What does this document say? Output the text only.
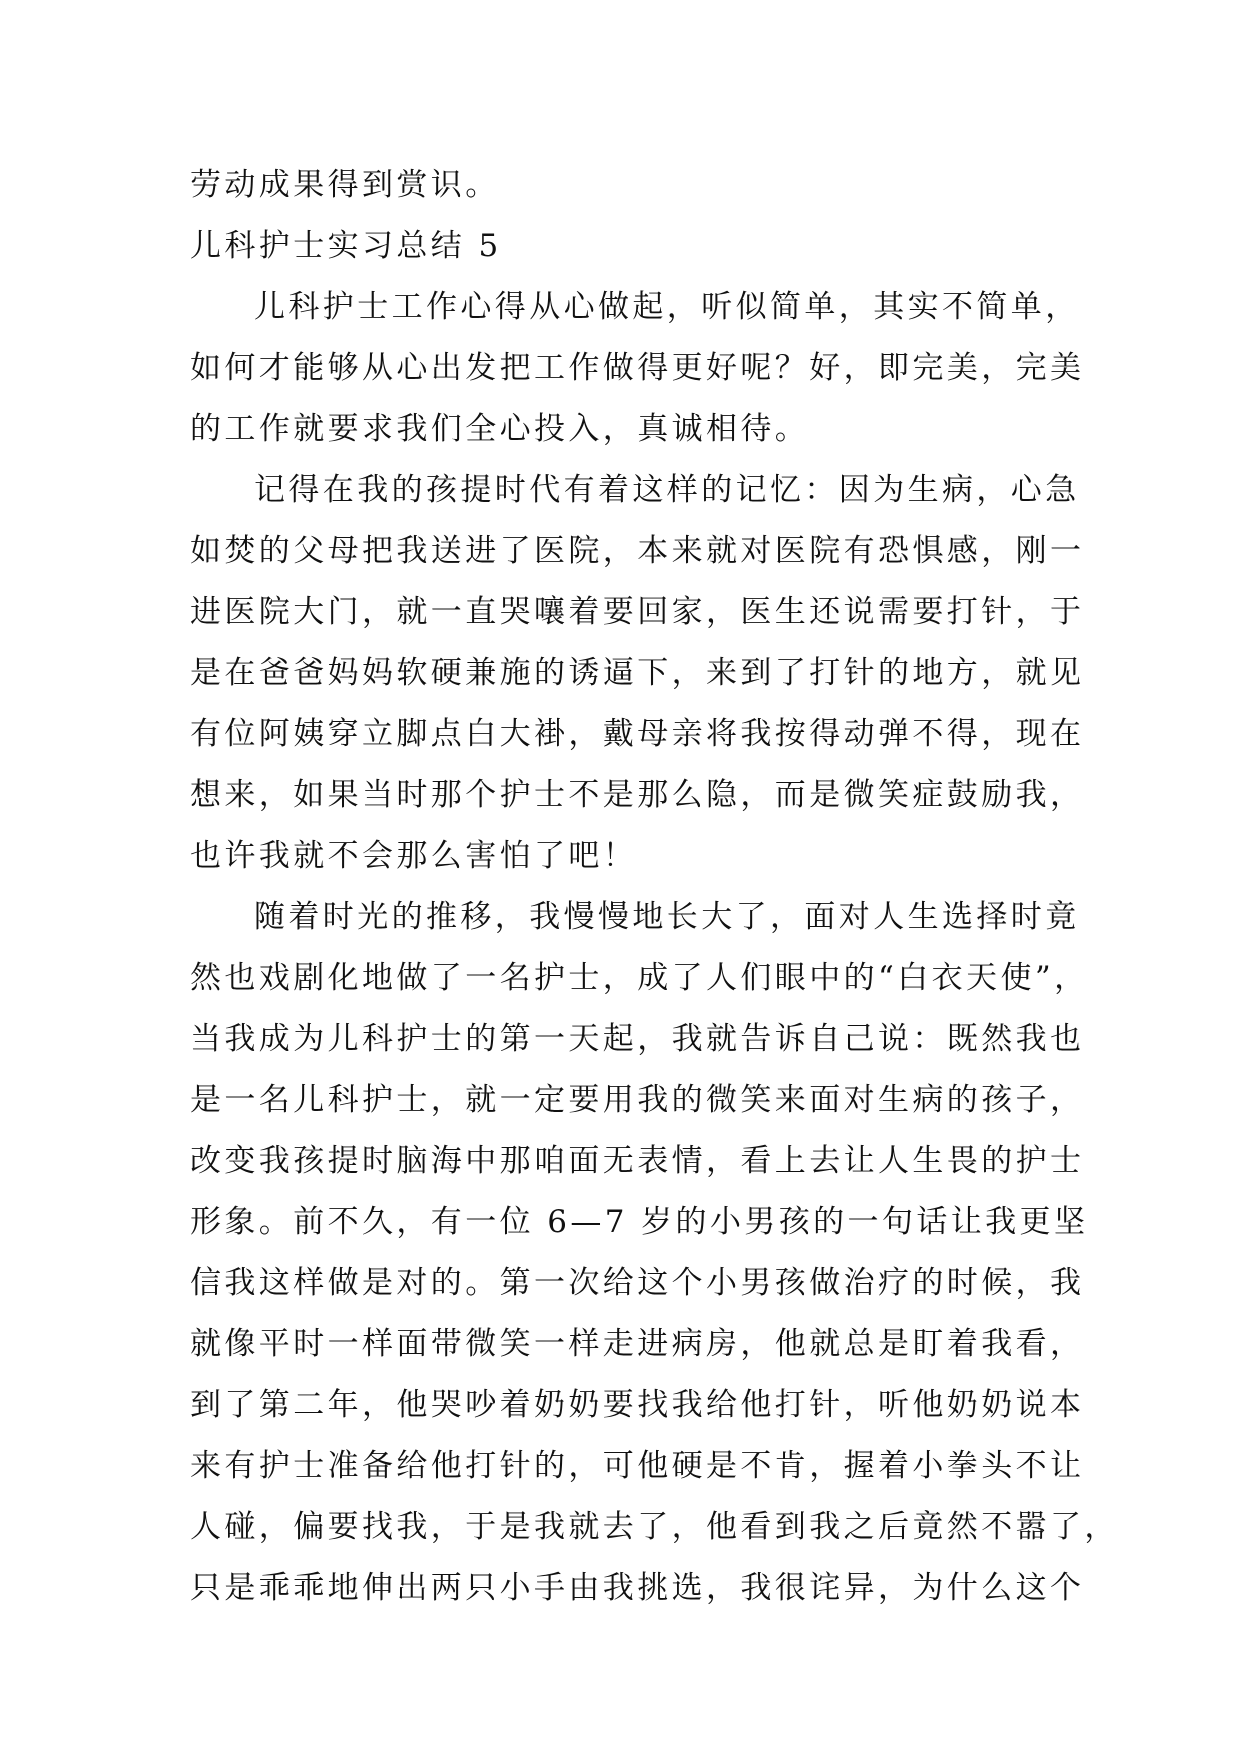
劳动成果得到赏识。
儿科护士实习总结 5
儿科护士工作心得从心做起，听似简单，其实不简单，
如何才能够从心出发把工作做得更好呢？好，即完美，完美
的工作就要求我们全心投入，真诚相待。
记得在我的孩提时代有着这样的记忆：因为生病，心急
如焚的父母把我送进了医院，本来就对医院有恐惧感，刚一
进医院大门，就一直哭嚷着要回家，医生还说需要打针，于
是在爸爸妈妈软硬兼施的诱逼下，来到了打针的地方，就见
有位阿姨穿立脚点白大褂，戴母亲将我按得动弹不得，现在
想来，如果当时那个护士不是那么隐，而是微笑症鼓励我，
也许我就不会那么害怕了吧！
随着时光的推移，我慢慢地长大了，面对人生选择时竟
然也戏剧化地做了一名护士，成了人们眼中的“白衣天使”，
当我成为儿科护士的第一天起，我就告诉自己说：既然我也
是一名儿科护士，就一定要用我的微笑来面对生病的孩子，
改变我孩提时脑海中那咱面无表情，看上去让人生畏的护士
形象。前不久，有一位 6—7 岁的小男孩的一句话让我更坚
信我这样做是对的。第一次给这个小男孩做治疗的时候，我
就像平时一样面带微笑一样走进病房，他就总是盯着我看，
到了第二年，他哭吵着奶奶要找我给他打针，听他奶奶说本
来有护士准备给他打针的，可他硬是不肯，握着小拳头不让
人碰，偏要找我，于是我就去了，他看到我之后竟然不嚣了，
只是乖乖地伸出两只小手由我挑选，我很诧异，为什么这个
